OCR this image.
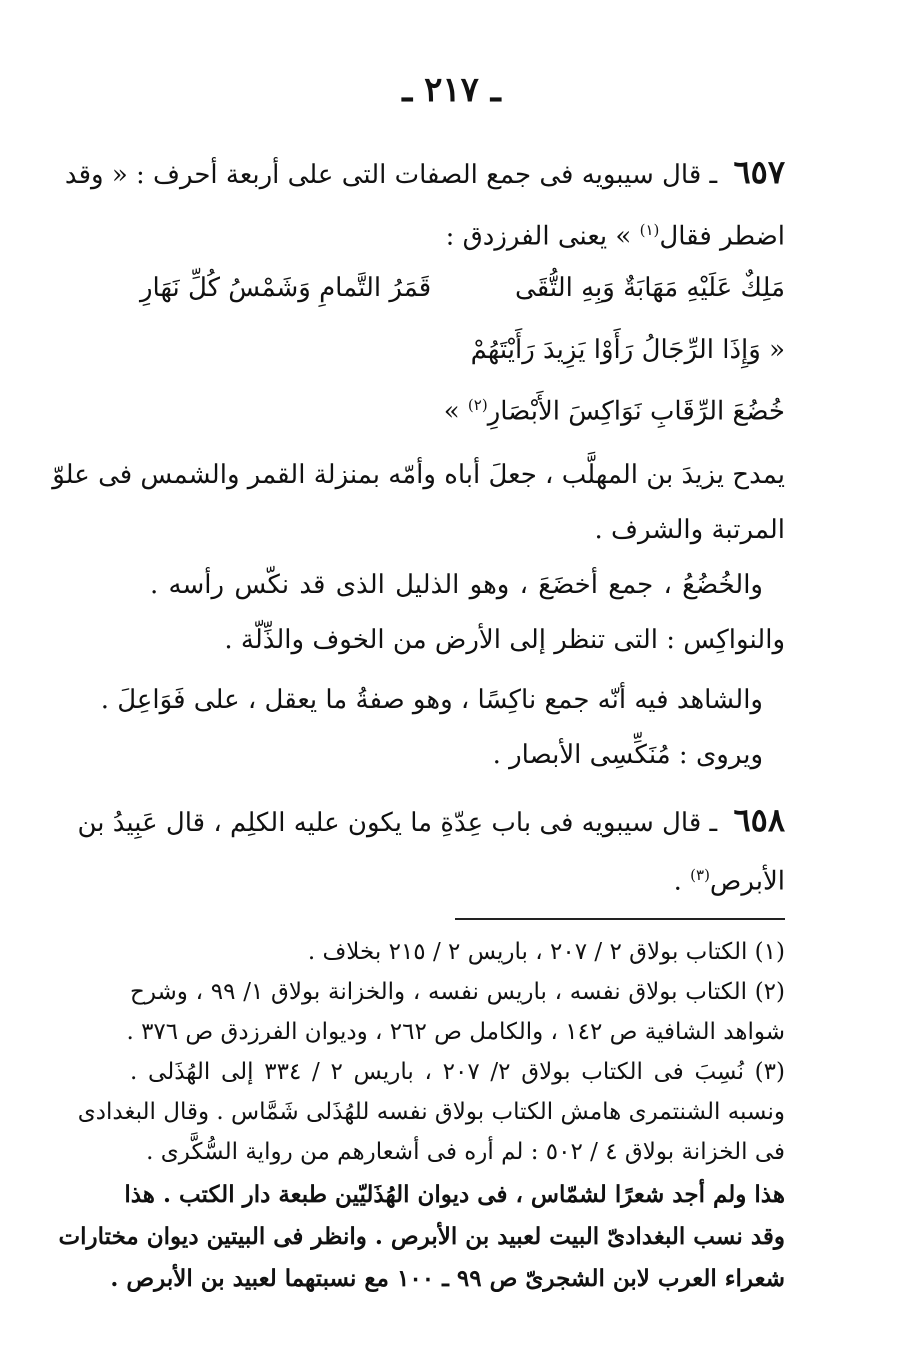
ـ ٢١٧ ـ
٦٥٧ ـ قال سيبويه فى جمع الصفات التى على أربعة أحرف : « وقد
اضطر فقال$^{(١)}$ » يعنى الفرزدق :
مَلِكٌ عَلَيْهِ مَهَابَةٌ وَبِهِ التُّقَى
قَمَرُ التَّمامِ وَشَمْسُ كُلِّ نَهَارِ
« وَإِذَا الرِّجَالُ رَأَوْا يَزِيدَ رَأَيْتَهُمْ
خُضُعَ الرِّقَابِ نَوَاكِسَ الأَبْصَارِ$^{(٢)}$ »
يمدح يزيدَ بن المهلَّب ، جعلَ أباه وأمّه بمنزلة القمر والشمس فى علوّ
المرتبة والشرف .
والخُضُعُ ، جمع أخضَعَ ، وهو الذليل الذى قد نكّس رأسه .
والنواكِس : التى تنظر إلى الأرض من الخوف والذِّلّة .
والشاهد فيه أنّه جمع ناكِسًا ، وهو صفةُ ما يعقل ، على فَوَاعِلَ .
ويروى : مُنَكِّسِى الأبصار .
٦٥٨ ـ قال سيبويه فى باب عِدّةِ ما يكون عليه الكلِم ، قال عَبِيدُ بن
الأبرص$^{(٣)}$ .
(١) الكتاب بولاق ٢ / ٢٠٧ ، باريس ٢ / ٢١٥ بخلاف .
(٢) الكتاب بولاق نفسه ، باريس نفسه ، والخزانة بولاق ١/ ٩٩ ، وشرح
شواهد الشافية ص ١٤٢ ، والكامل ص ٢٦٢ ، وديوان الفرزدق ص ٣٧٦ .
(٣) نُسِبَ فى الكتاب بولاق ٢/ ٢٠٧ ، باريس ٢ / ٣٣٤ إلى الهُذَلى .
ونسبه الشنتمرى هامش الكتاب بولاق نفسه للهُذَلى شَمَّاس . وقال البغدادى
فى الخزانة بولاق ٤ / ٥٠٢ : لم أره فى أشعارهم من رواية السُّكَّرى .
هذا ولم أجد شعرًا لشمّاس ، فى ديوان الهُذَليّين طبعة دار الكتب . هذا
وقد نسب البغدادىّ البيت لعبيد بن الأبرص . وانظر فى البيتين ديوان مختارات
شعراء العرب لابن الشجرىّ ص ٩٩ ـ ١٠٠ مع نسبتهما لعبيد بن الأبرص .
